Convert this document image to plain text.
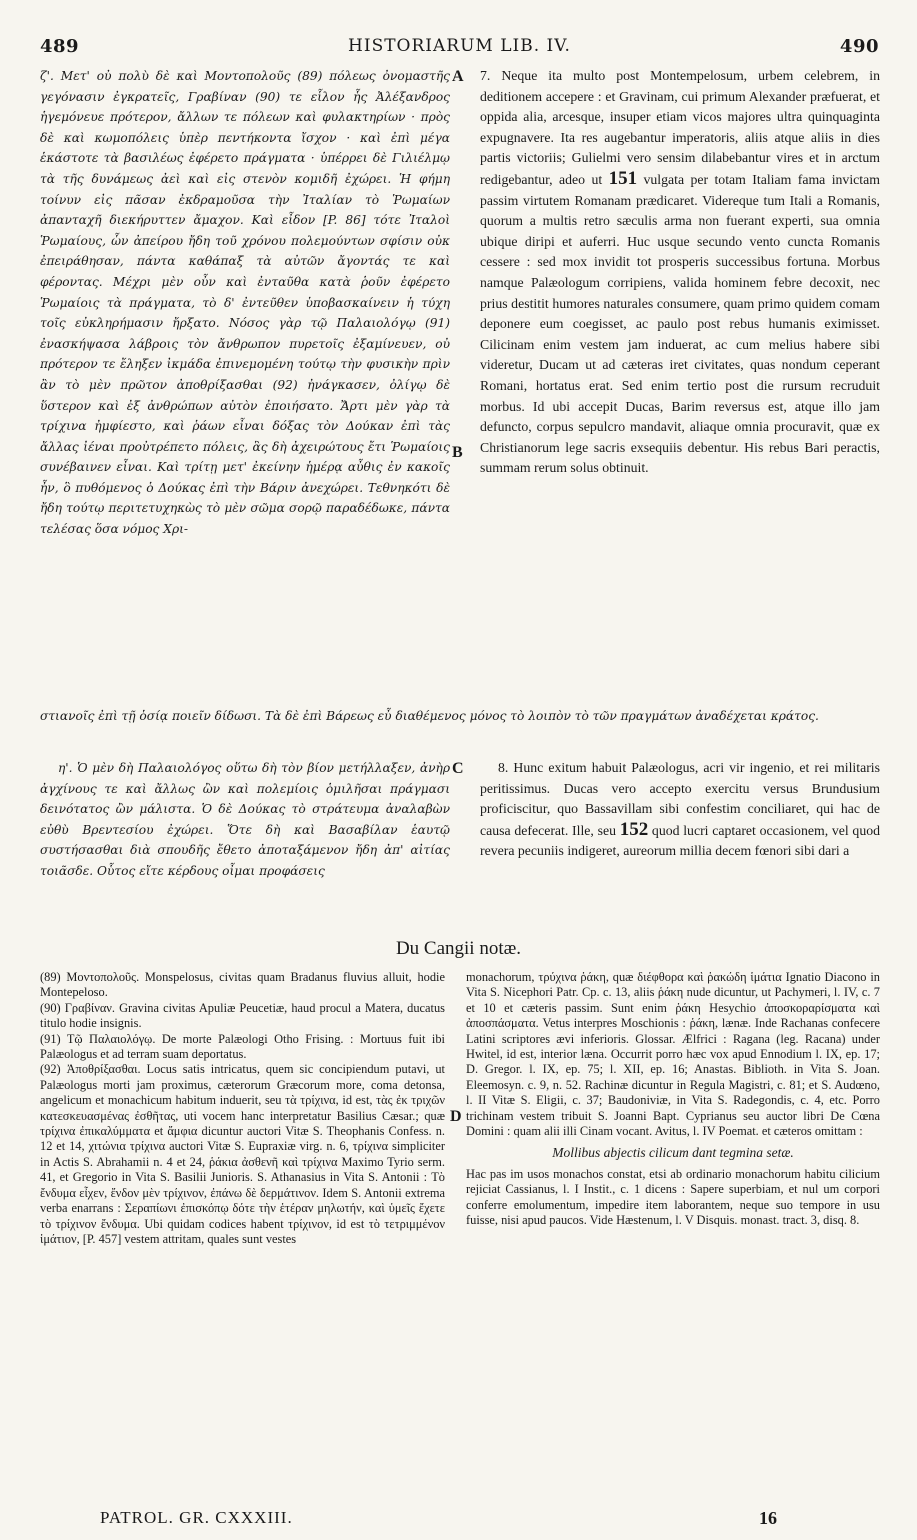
489	HISTORIARUM LIB. IV.	490

ζ'. Μετ' οὐ πολὺ δὲ καὶ Μοντοπολοῦς (89) πόλεως ὀνομαστῆς γεγόνασιν ἐγκρατεῖς, Γραβίναν (90) τε εἷλον ἧς Ἀλέξανδρος ἡγεμόνευε πρότερον, ἄλλων τε πόλεων καὶ φυλακτηρίων · πρὸς δὲ καὶ κωμοπόλεις ὑπὲρ πεντήκοντα ἴσχον · καὶ ἐπὶ μέγα ἑκάστοτε τὰ βασιλέως ἐφέρετο πράγματα · ὑπέρρει δὲ Γιλιέλμῳ τὰ τῆς δυνάμεως ἀεὶ καὶ εἰς στενὸν κομιδῆ ἐχώρει. Ἡ φήμη τοίνυν εἰς πᾶσαν ἐκδραμοῦσα τὴν Ἰταλίαν τὸ Ῥωμαίων ἀπανταχῆ διεκήρυττεν ἄμαχον. Καὶ εἶδον [P. 86] τότε Ἰταλοὶ Ῥωμαίους, ὧν ἀπείρου ἤδη τοῦ χρόνου πολεμούντων σφίσιν οὐκ ἐπειράθησαν, πάντα καθάπαξ τὰ αὐτῶν ἄγοντάς τε καὶ φέροντας. Μέχρι μὲν οὖν καὶ ἐνταῦθα κατὰ ῥοῦν ἐφέρετο Ῥωμαίοις τὰ πράγματα, τὸ δ' ἐντεῦθεν ὑποβασκαίνειν ἡ τύχη τοῖς εὐκληρήμασιν ἤρξατο. Νόσος γὰρ τῷ Παλαιολόγῳ (91) ἐνασκήψασα λάβροις τὸν ἄνθρωπον πυρετοῖς ἐξαμίνευεν, οὐ πρότερον τε ἔληξεν ἰκμάδα ἐπινεμομένη τούτῳ τὴν φυσικὴν πρὶν ἂν τὸ μὲν πρῶτον ἀποθρίξασθαι (92) ἠνάγκασεν, ὀλίγῳ δὲ ὕστερον καὶ ἐξ ἀνθρώπων αὐτὸν ἐποιήσατο. Ἄρτι μὲν γὰρ τὰ τρίχινα ἠμφίεστο, καὶ ῥάων εἶναι δόξας τὸν Δούκαν ἐπὶ τὰς ἄλλας ἰέναι προὐτρέπετο πόλεις, ἃς δὴ ἀχειρώτους ἔτι Ῥωμαίοις συνέβαινεν εἶναι. Καὶ τρίτῃ μετ' ἐκείνην ἡμέρᾳ αὖθις ἐν κακοῖς ἦν, ὃ πυθόμενος ὁ Δούκας ἐπὶ τὴν Βάριν ἀνεχώρει. Τεθνηκότι δὲ ἤδη τούτῳ περιτετυχηκὼς τὸ μὲν σῶμα σορῷ παραδέδωκε, πάντα τελέσας ὅσα νόμος Χρι-

7. Neque ita multo post Montempelosum, urbem celebrem, in deditionem accepere : et Gravinam, cui primum Alexander præfuerat, et oppida alia, arcesque, insuper etiam vicos majores ultra quinquaginta expugnavere. Ita res augebantur imperatoris, aliis atque aliis in dies partis victoriis; Gulielmi vero sensim dilabebantur vires et in arctum redigebantur, adeo ut 151 vulgata per totam Italiam fama invictam passim virtutem Romanam prædicaret. Videreque tum Itali a Romanis, quorum a multis retro sæculis arma non fuerant experti, sua omnia ubique diripi et auferri. Huc usque secundo vento cuncta Romanis cessere : sed mox invidit tot prosperis successibus fortuna. Morbus namque Palæologum corripiens, valida hominem febre decoxit, nec prius destitit humores naturales consumere, quam primo quidem comam deponere eum coegisset, ac paulo post rebus humanis eximisset. Cilicinam enim vestem jam induerat, ac cum melius habere sibi videretur, Ducam ut ad cæteras iret civitates, quas nondum ceperant Romani, hortatus erat. Sed enim tertio post die rursum recruduit morbus. Id ubi accepit Ducas, Barim reversus est, atque illo jam defuncto, corpus sepulcro mandavit, aliaque omnia procuravit, quæ ex Christianorum lege sacris exsequiis debentur. His rebus Bari peractis, summam rerum solus obtinuit.

στιανοῖς ἐπὶ τῇ ὁσίᾳ ποιεῖν δίδωσι. Τὰ δὲ ἐπὶ Βάρεως εὖ διαθέμενος μόνος τὸ λοιπὸν τὸ τῶν πραγμάτων ἀναδέχεται κράτος.

η'. Ὁ μὲν δὴ Παλαιολόγος οὕτω δὴ τὸν βίον μετήλλαξεν, ἀνὴρ ἀγχίνους τε καὶ ἄλλως ὢν καὶ πολεμίοις ὁμιλῆσαι πράγμασι δεινότατος ὢν μάλιστα. Ὁ δὲ Δούκας τὸ στράτευμα ἀναλαβὼν εὐθὺ Βρεντεσίου ἐχώρει. Ὅτε δὴ καὶ Βασαβίλαν ἑαυτῷ συστήσασθαι διὰ σπουδῆς ἔθετο ἀποταξάμενον ἤδη ἀπ' αἰτίας τοιᾶσδε. Οὗτος εἴτε κέρδους οἶμαι προφάσεις

8. Hunc exitum habuit Palæologus, acri vir ingenio, et rei militaris peritissimus. Ducas vero accepto exercitu versus Brundusium proficiscitur, quo Bassavillam sibi confestim conciliaret, qui hac de causa defecerat. Ille, seu 152 quod lucri captaret occasionem, vel quod revera pecuniis indigeret, aureorum millia decem fœnori sibi dari a

A
B
C
D
Du Cangii notæ.

(89) Μοντοπολοῦς. Monspelosus, civitas quam Bradanus fluvius alluit, hodie Montepeloso.

(90) Γραβίναν. Gravina civitas Apuliæ Peucetiæ, haud procul a Matera, ducatus titulo hodie insignis.

(91) Τῷ Παλαιολόγῳ. De morte Palæologi Otho Frising. : Mortuus fuit ibi Palæologus et ad terram suam deportatus.

(92) Ἀποθρίξασθαι. Locus satis intricatus, quem sic concipiendum putavi, ut Palæologus morti jam proximus, cæterorum Græcorum more, coma detonsa, angelicum et monachicum habitum induerit, seu τὰ τρίχινα, id est, τὰς ἐκ τριχῶν κατεσκευασμένας ἐσθῆτας, uti vocem hanc interpretatur Basilius Cæsar.; quæ τρίχινα ἐπικαλύμματα et ἄμφια dicuntur auctori Vitæ S. Theophanis Confess. n. 12 et 14, χιτώνια τρίχινα auctori Vitæ S. Eupraxiæ virg. n. 6, τρίχινα simpliciter in Actis S. Abrahamii n. 4 et 24, ῥάκια ἀσθενῆ καὶ τρίχινα Maximo Tyrio serm. 41, et Gregorio in Vita S. Basilii Junioris. S. Athanasius in Vita S. Antonii : Τὸ ἔνδυμα εἶχεν, ἔνδον μὲν τρίχινον, ἐπάνω δὲ δερμάτινον. Idem S. Antonii extrema verba enarrans : Σεραπίωνι ἐπισκόπῳ δότε τὴν ἑτέραν μηλωτήν, καὶ ὑμεῖς ἔχετε τὸ τρίχινον ἔνδυμα. Ubi quidam codices habent τρίχινον, id est τὸ τετριμμένον ἱμάτιον, [P. 457] vestem attritam, quales sunt vestes

monachorum, τρύχινα ῥάκη, quæ διέφθορα καὶ ῥακώδη ἱμάτια Ignatio Diacono in Vita S. Nicephori Patr. Cp. c. 13, aliis ῥάκη nude dicuntur, ut Pachymeri, l. IV, c. 7 et 10 et cæteris passim. Sunt enim ῥάκη Hesychio ἀποσκοραρίσματα καὶ ἀποσπάσματα. Vetus interpres Moschionis : ῥάκη, lænæ. Inde Rachanas confecere Latini scriptores ævi inferioris. Glossar. Ælfrici : Ragana (leg. Racana) under Hwitel, id est, interior læna. Occurrit porro hæc vox apud Ennodium l. IX, ep. 17; D. Gregor. l. IX, ep. 75; l. XII, ep. 16; Anastas. Biblioth. in Vita S. Joan. Eleemosyn. c. 9, n. 52. Rachinæ dicuntur in Regula Magistri, c. 81; et S. Audœno, l. II Vitæ S. Eligii, c. 37; Baudoniviæ, in Vita S. Radegondis, c. 4, etc. Porro trichinam vestem tribuit S. Joanni Bapt. Cyprianus seu auctor libri De Cœna Domini : quam alii illi Cinam vocant. Avitus, l. IV Poemat. et cæteros omittam :

Mollibus abjectis cilicum dant tegmina setæ.

Hac pas im usos monachos constat, etsi ab ordinario monachorum habitu cilicium rejiciat Cassianus, l. I Instit., c. 1 dicens : Sapere superbiam, et nul um corpori conferre emolumentum, impedire item laborantem, neque suo tempore in usu fuisse, nisi apud paucos. Vide Hæstenum, l. V Disquis. monast. tract. 3, disq. 8.

PATROL. GR. CXXXIII.	16
